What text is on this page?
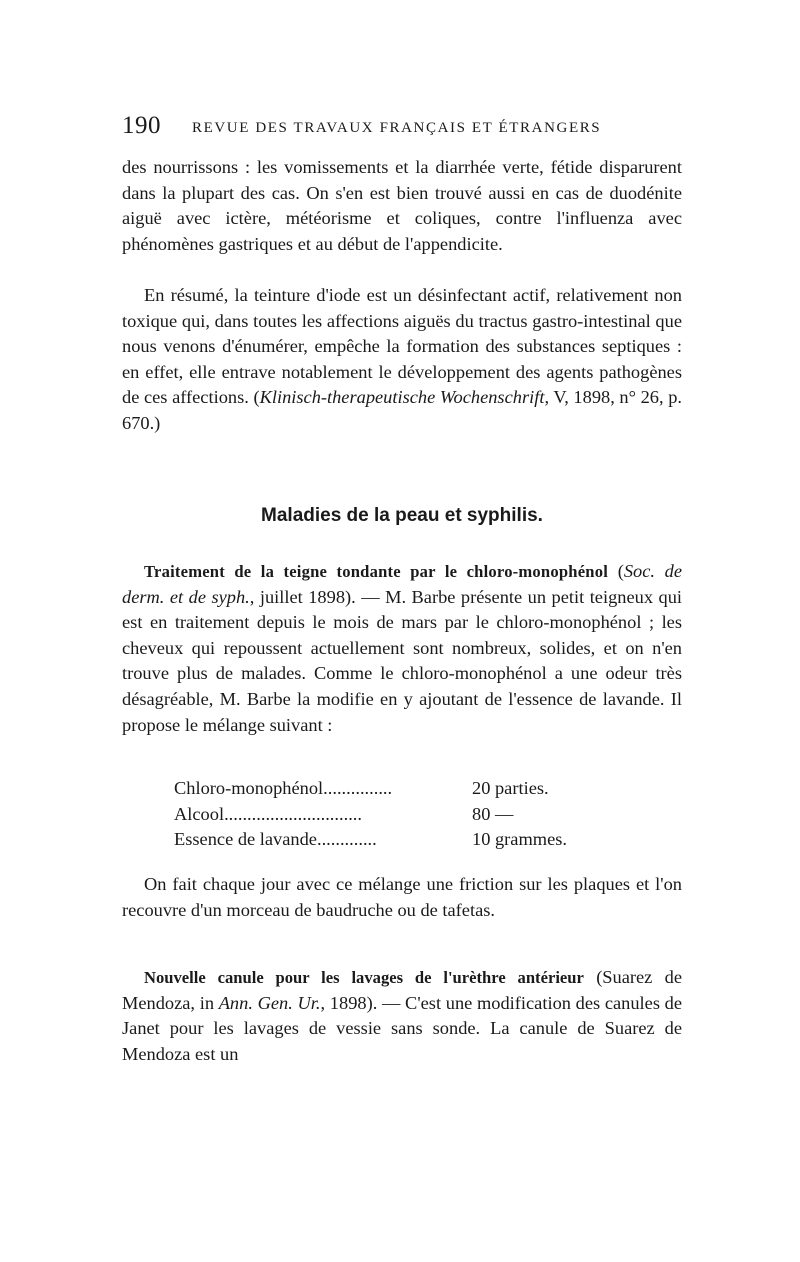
190 REVUE DES TRAVAUX FRANÇAIS ET ÉTRANGERS

des nourrissons : les vomissements et la diarrhée verte, fétide disparurent dans la plupart des cas. On s'en est bien trouvé aussi en cas de duodénite aiguë avec ictère, météorisme et coliques, contre l'influenza avec phénomènes gastriques et au début de l'appendicite.

En résumé, la teinture d'iode est un désinfectant actif, relativement non toxique qui, dans toutes les affections aiguës du tractus gastro-intestinal que nous venons d'énumérer, empêche la formation des substances septiques : en effet, elle entrave notablement le développement des agents pathogènes de ces affections. (Klinisch-therapeutische Wochenschrift, V, 1898, n° 26, p. 670.)

Maladies de la peau et syphilis.

Traitement de la teigne tondante par le chloro-monophénol (Soc. de derm. et de syph., juillet 1898). — M. Barbe présente un petit teigneux qui est en traitement depuis le mois de mars par le chloro-monophénol ; les cheveux qui repoussent actuellement sont nombreux, solides, et on n'en trouve plus de malades. Comme le chloro-monophénol a une odeur très désagréable, M. Barbe la modifie en y ajoutant de l'essence de lavande. Il propose le mélange suivant :

Chloro-monophénol...............	20 parties.
Alcool..............................	80 —
Essence de lavande.............	10 grammes.

On fait chaque jour avec ce mélange une friction sur les plaques et l'on recouvre d'un morceau de baudruche ou de tafetas.

Nouvelle canule pour les lavages de l'urèthre antérieur (Suarez de Mendoza, in Ann. Gen. Ur., 1898). — C'est une modification des canules de Janet pour les lavages de vessie sans sonde. La canule de Suarez de Mendoza est un
